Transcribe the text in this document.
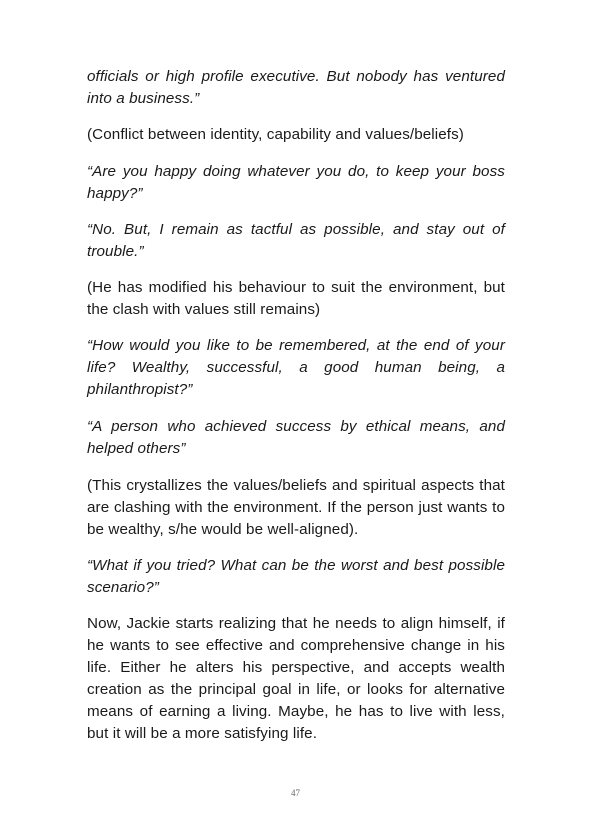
officials or high profile executive. But nobody has ventured into a business.”

(Conflict between identity, capability and values/beliefs)

“Are you happy doing whatever you do, to keep your boss happy?”

“No. But, I remain as tactful as possible, and stay out of trouble.”

(He has modified his behaviour to suit the environment, but the clash with values still remains)

“How would you like to be remembered, at the end of your life? Wealthy, successful, a good human being, a philanthropist?”

“A person who achieved success by ethical means, and helped others”

(This crystallizes the values/beliefs and spiritual aspects that are clashing with the environment. If the person just wants to be wealthy, s/he would be well-aligned).

“What if you tried? What can be the worst and best possible scenario?”

Now, Jackie starts realizing that he needs to align himself, if he wants to see effective and comprehensive change in his life. Either he alters his perspective, and accepts wealth creation as the principal goal in life, or looks for alternative means of earning a living. Maybe, he has to live with less, but it will be a more satisfying life.

47
